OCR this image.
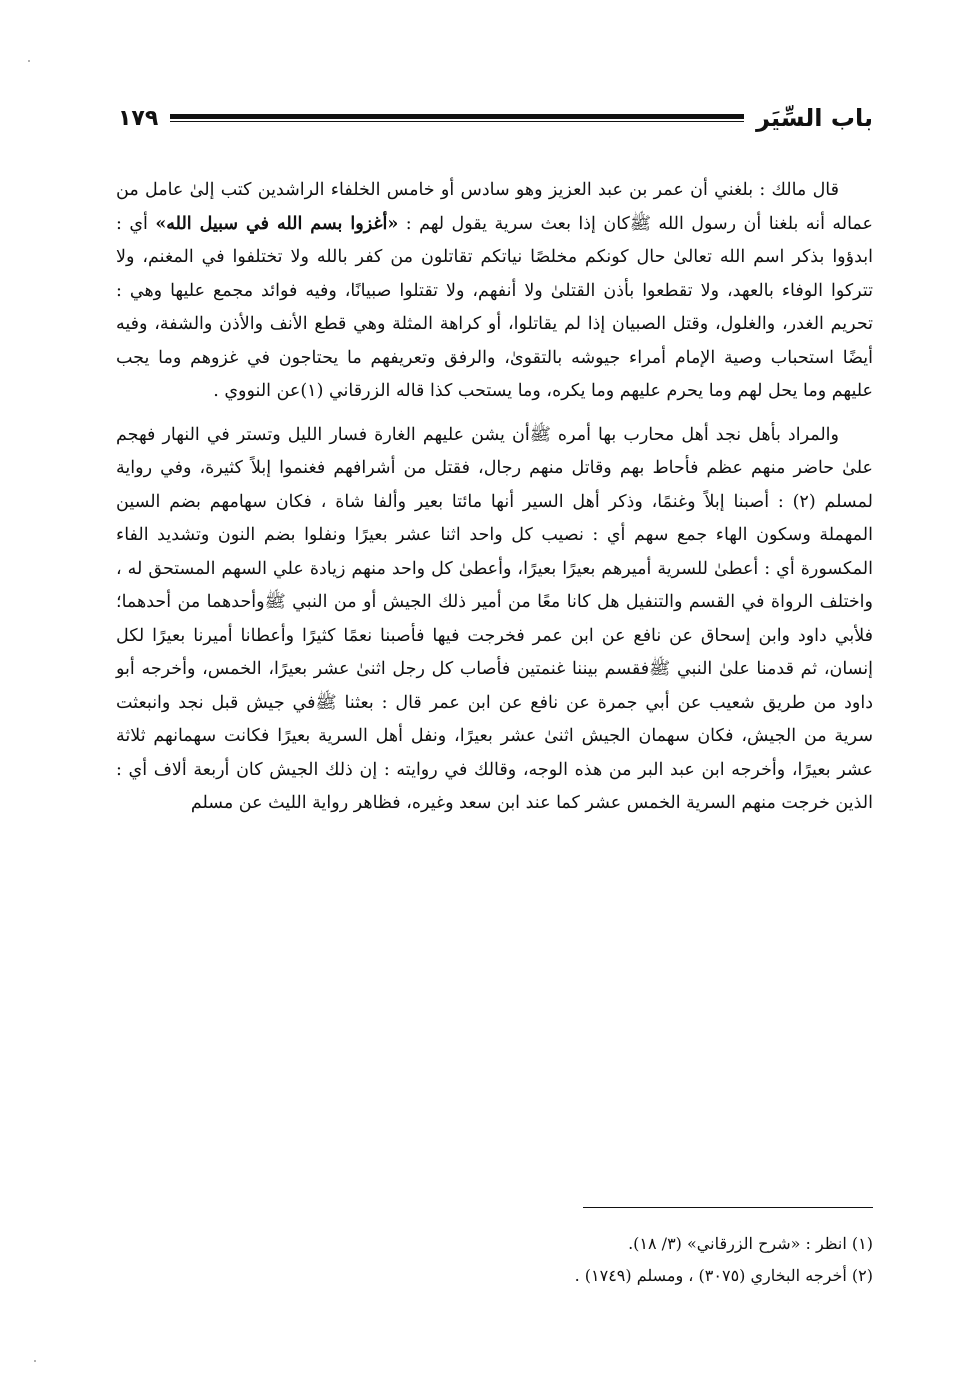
باب السِّيَر
١٧٩

قال مالك : بلغني أن عمر بن عبد العزيز وهو سادس أو خامس الخلفاء الراشدين كتب إلىٰ عامل من عماله أنه بلغنا أن رسول الله ﷺكان إذا بعث سرية يقول لهم : «أغزوا بسم الله في سبيل الله» أي : ابدؤوا بذكر اسم الله تعالىٰ حال كونكم مخلصًا نياتكم تقاتلون من كفر بالله ولا تختلفوا في المغنم، ولا تتركوا الوفاء بالعهد، ولا تقطعوا بأذن القتلىٰ ولا أنفهم، ولا تقتلوا صبيانًا، وفيه فوائد مجمع عليها وهي : تحريم الغدر، والغلول، وقتل الصبيان إذا لم يقاتلوا، أو كراهة المثلة وهي قطع الأنف والأذن والشفة، وفيه أيضًا استحباب وصية الإمام أمراء جيوشه بالتقوىٰ، والرفق وتعريفهم ما يحتاجون في غزوهم وما يجب عليهم وما يحل لهم وما يحرم عليهم وما يكره، وما يستحب كذا قاله الزرقاني (١)عن النووي .

والمراد بأهل نجد أهل محارب بها أمره ﷺأن يشن عليهم الغارة فسار الليل وتستر في النهار فهجم علىٰ حاضر منهم عظم فأحاط بهم وقاتل منهم رجال، فقتل من أشرافهم فغنموا إبلاً كثيرة، وفي رواية لمسلم (٢) : أصبنا إبلاً وغنمًا، وذكر أهل السير أنها مائتا بعير وألفا شاة ، فكان سهامهم بضم السين المهملة وسكون الهاء جمع سهم أي : نصيب كل واحد اثنا عشر بعيرًا ونفلوا بضم النون وتشديد الفاء المكسورة أي : أعطىٰ للسرية أميرهم بعيرًا بعيرًا، وأعطىٰ كل واحد منهم زيادة علي السهم المستحق له ، واختلف الرواة في القسم والتنفيل هل كانا معًا من أمير ذلك الجيش أو من النبي ﷺوأحدهما من أحدهما؛ فلأبي داود وابن إسحاق عن نافع عن ابن عمر فخرجت فيها فأصبنا نعمًا كثيرًا وأعطانا أميرنا بعيرًا لكل إنسان، ثم قدمنا علىٰ النبي ﷺفقسم بيننا غنمتين فأصاب كل رجل اثنىٰ عشر بعيرًا، الخمس، وأخرجه أبو داود من طريق شعيب عن أبي جمرة عن نافع عن ابن عمر قال : بعثنا ﷺفي جيش قبل نجد وانبعثت سرية من الجيش، فكان سهمان الجيش اثنىٰ عشر بعيرًا، ونفل أهل السرية بعيرًا فكانت سهمانهم ثلاثة عشر بعيرًا، وأخرجه ابن عبد البر من هذه الوجه، وقالك في روايته : إن ذلك الجيش كان أربعة ألاف أي : الذين خرجت منهم السرية الخمس عشر كما عند ابن سعد وغيره، فظاهر رواية الليث عن مسلم

(١) انظر : «شرح الزرقاني» (٣/ ١٨).

(٢) أخرجه البخاري (٣٠٧٥) ، ومسلم (١٧٤٩) .
